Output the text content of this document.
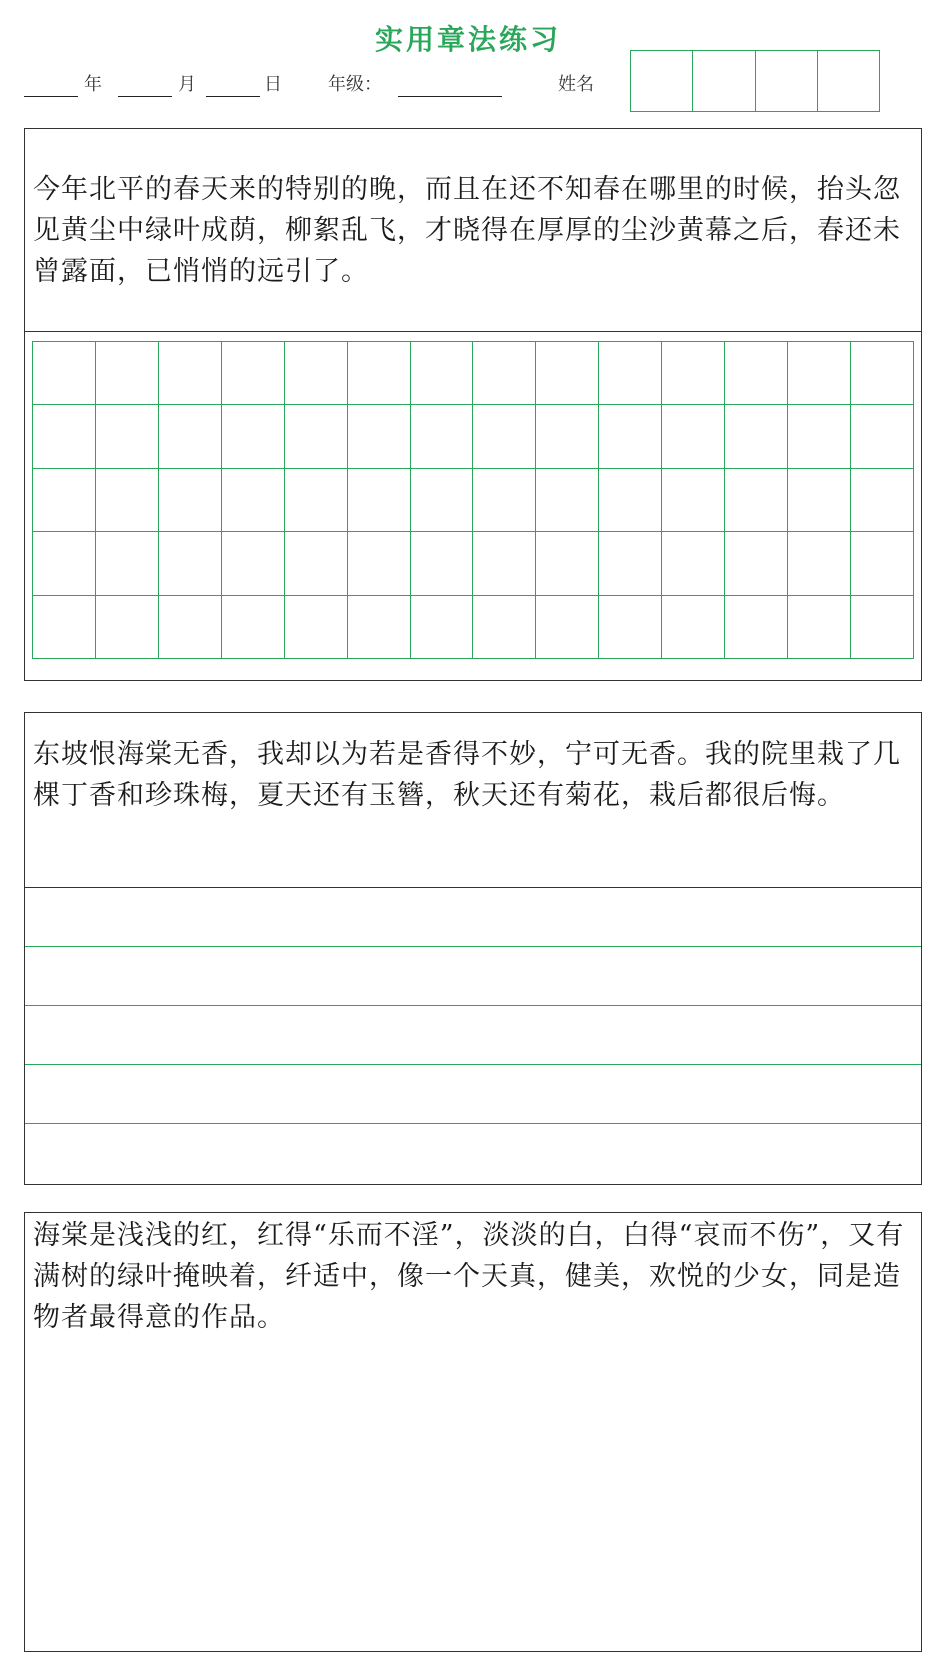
实用章法练习
年	月	日	年级：	姓名
今年北平的春天来的特别的晚，而且在还不知春在哪里的时候，抬头忽见黄尘中绿叶成荫，柳絮乱飞，才晓得在厚厚的尘沙黄幕之后，春还未曾露面，已悄悄的远引了。
东坡恨海棠无香，我却以为若是香得不妙，宁可无香。我的院里栽了几棵丁香和珍珠梅，夏天还有玉簪，秋天还有菊花，栽后都很后悔。
海棠是浅浅的红，红得“乐而不淫”，淡淡的白，白得“哀而不伤”，又有满树的绿叶掩映着，纤适中，像一个天真，健美，欢悦的少女，同是造物者最得意的作品。
